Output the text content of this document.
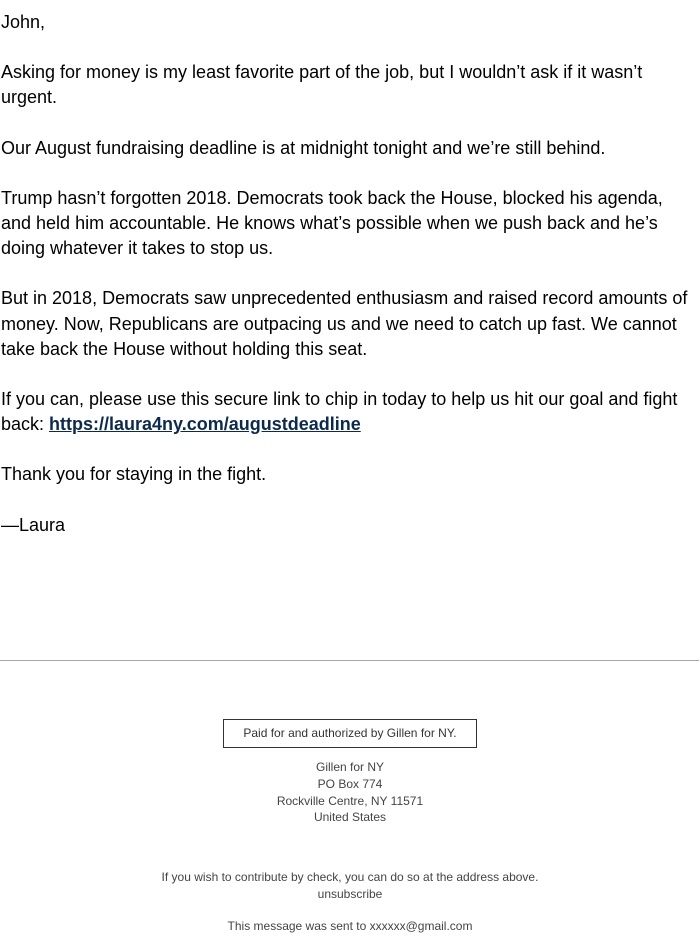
John,

Asking for money is my least favorite part of the job, but I wouldn’t ask if it wasn’t urgent.

Our August fundraising deadline is at midnight tonight and we’re still behind.

Trump hasn’t forgotten 2018. Democrats took back the House, blocked his agenda, and held him accountable. He knows what’s possible when we push back and he’s doing whatever it takes to stop us.

But in 2018, Democrats saw unprecedented enthusiasm and raised record amounts of money. Now, Republicans are outpacing us and we need to catch up fast. We cannot take back the House without holding this seat.

If you can, please use this secure link to chip in today to help us hit our goal and fight back: https://laura4ny.com/augustdeadline

Thank you for staying in the fight.

—Laura

Paid for and authorized by Gillen for NY.
Gillen for NY
PO Box 774
Rockville Centre, NY 11571
United States
If you wish to contribute by check, you can do so at the address above.
unsubscribe
This message was sent to xxxxxx@gmail.com
